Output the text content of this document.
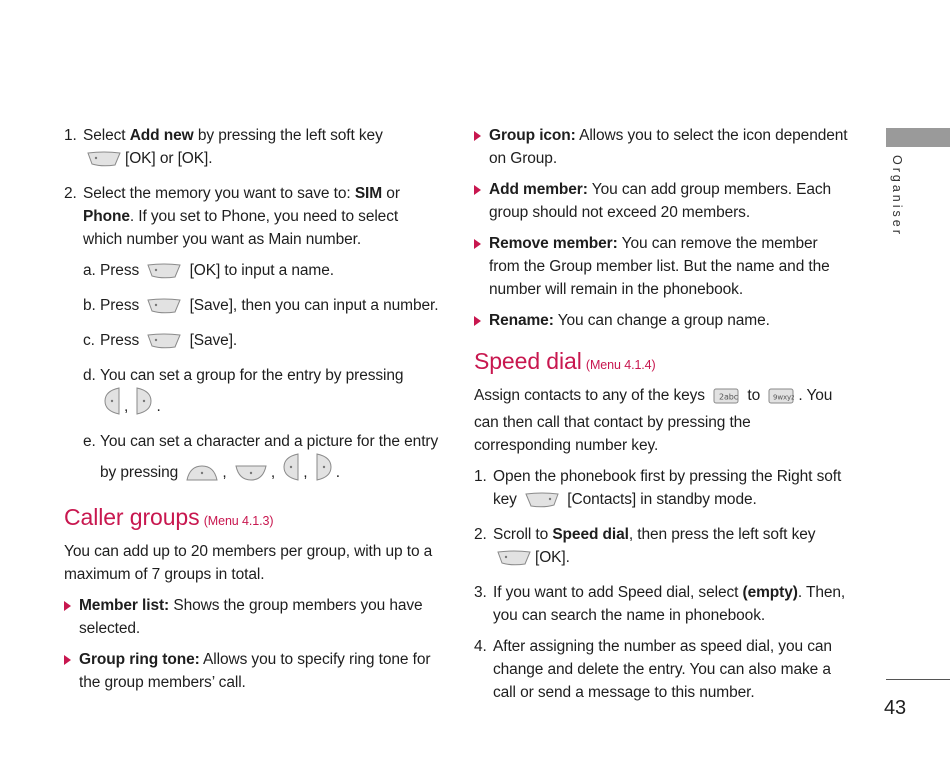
1. Select Add new by pressing the left soft key
[OK] or [OK].
2. Select the memory you want to save to: SIM or Phone. If you set to Phone, you need to select which number you want as Main number.
a. Press	[OK] to input a name.
b. Press	[Save], then you can input a number.
c. Press	[Save].
d. You can set a group for the entry by pressing
, .
e. You can set a character and a picture for the entry by pressing	,	, , .
Caller groups (Menu 4.1.3)
You can add up to 20 members per group, with up to a maximum of 7 groups in total.
Member list: Shows the group members you have selected.
Group ring tone: Allows you to specify ring tone for the group members’ call.
Group icon: Allows you to select the icon dependent on Group.
Add member: You can add group members. Each group should not exceed 20 members.
Remove member: You can remove the member from the Group member list. But the name and the number will remain in the phonebook.
Rename: You can change a group name.
Speed dial (Menu 4.1.4)
Assign contacts to any of the keys 2abc to 9wxyz . You can then call that contact by pressing the corresponding number key.
1. Open the phonebook first by pressing the Right soft key	[Contacts] in standby mode.
2. Scroll to Speed dial, then press the left soft key
[OK].
3. If you want to add Speed dial, select (empty). Then, you can search the name in phonebook.
4. After assigning the number as speed dial, you can change and delete the entry. You can also make a call or send a message to this number.
Organiser
43
